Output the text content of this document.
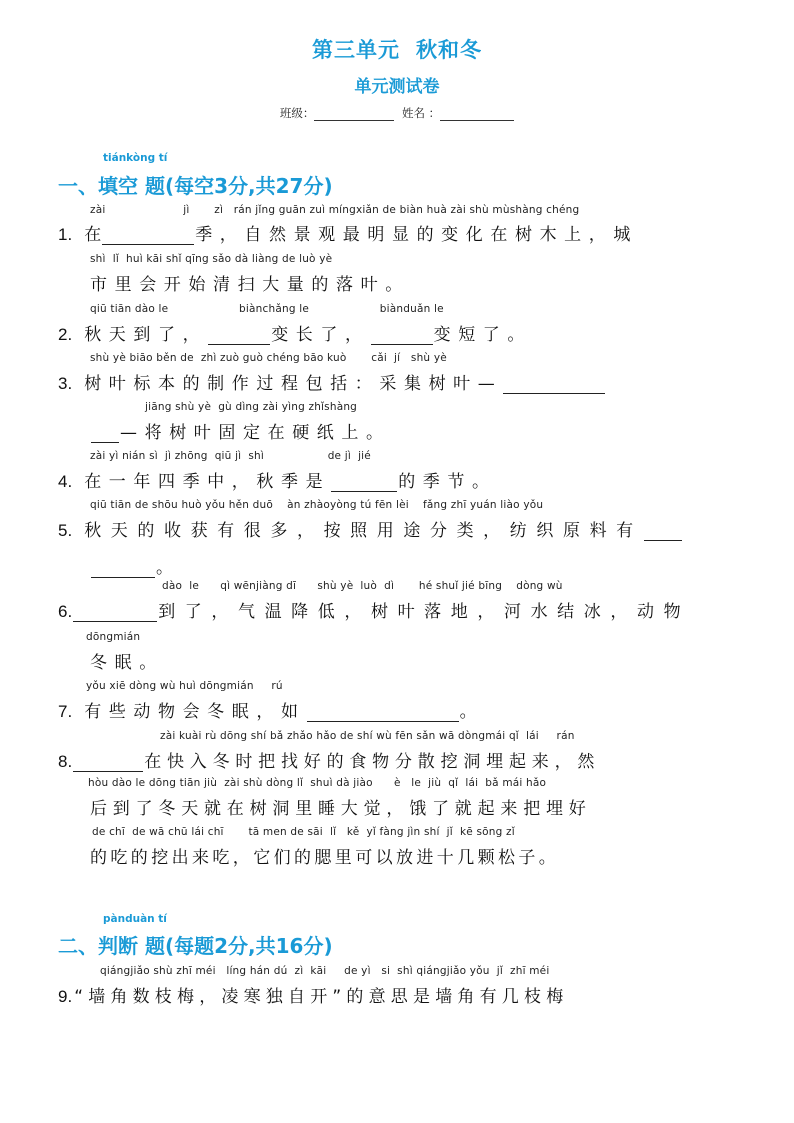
第三单元 秋和冬
单元测试卷
班级：
	姓名 ：
tiánkòng tí
一、填空 题(每空3分,共27分)
zài                      jì       zì   rán jǐng guān zuì míngxiǎn de biàn huà zài shù mùshàng chéng
1. 在	季，自然景观最明显的变化在树木上，城
shì  lǐ  huì kāi shǐ qīng sǎo dà liàng de luò yè
市里会开始清扫大量的落叶。
qiū tiān dào le                    biànchǎng le                    biànduǎn le
2. 秋天到了，	变长了，	变短了。
shù yè biāo běn de  zhì zuò guò chéng bāo kuò       cǎi  jí   shù yè
3. 树叶标本的制作过程包括：采集树叶—
jiāng shù yè  gù dìng zài yìng zhǐshàng
—将树叶固定在硬纸上。
zài yì nián sì  jì zhōng  qiū jì  shì                  de jì  jié
4. 在一年四季中，秋季是	的季节。
qiū tiān de shōu huò yǒu hěn duō    àn zhàoyòng tú fēn lèi    fǎng zhī yuán liào yǒu
5. 秋天的收获有很多，按照用途分类，纺织原料有
。
dào  le      qì wēnjiàng dī      shù yè  luò  dì       hé shuǐ jié bīng    dòng wù
6.	到了，气温降低，树叶落地，河水结冰，动物
dōngmián
冬眠。
yǒu xiē dòng wù huì dōngmián     rú
7. 有些动物会冬眠，如	。
zài kuài rù dōng shí bǎ zhǎo hǎo de shí wù fēn sǎn wā dòngmái qǐ  lái     rán
8.	在快入冬时把找好的食物分散挖洞埋起来，然
hòu dào le dōng tiān jiù  zài shù dòng lǐ  shuì dà jiào      è   le  jiù  qǐ  lái  bǎ mái hǎo
后到了冬天就在树洞里睡大觉，饿了就起来把埋好
de chī  de wā chū lái chī       tā men de sāi  lǐ   kě  yǐ fàng jìn shí  jǐ  kē sōng zǐ
的吃的挖出来吃，它们的腮里可以放进十几颗松子。
pànduàn tí
二、判断 题(每题2分,共16分)
qiángjiǎo shù zhī méi   líng hán dú  zì  kāi     de yì   si  shì qiángjiǎo yǒu  jǐ  zhī méi
9. “墙角数枝梅，凌寒独自开”的意思是墙角有几枝梅
